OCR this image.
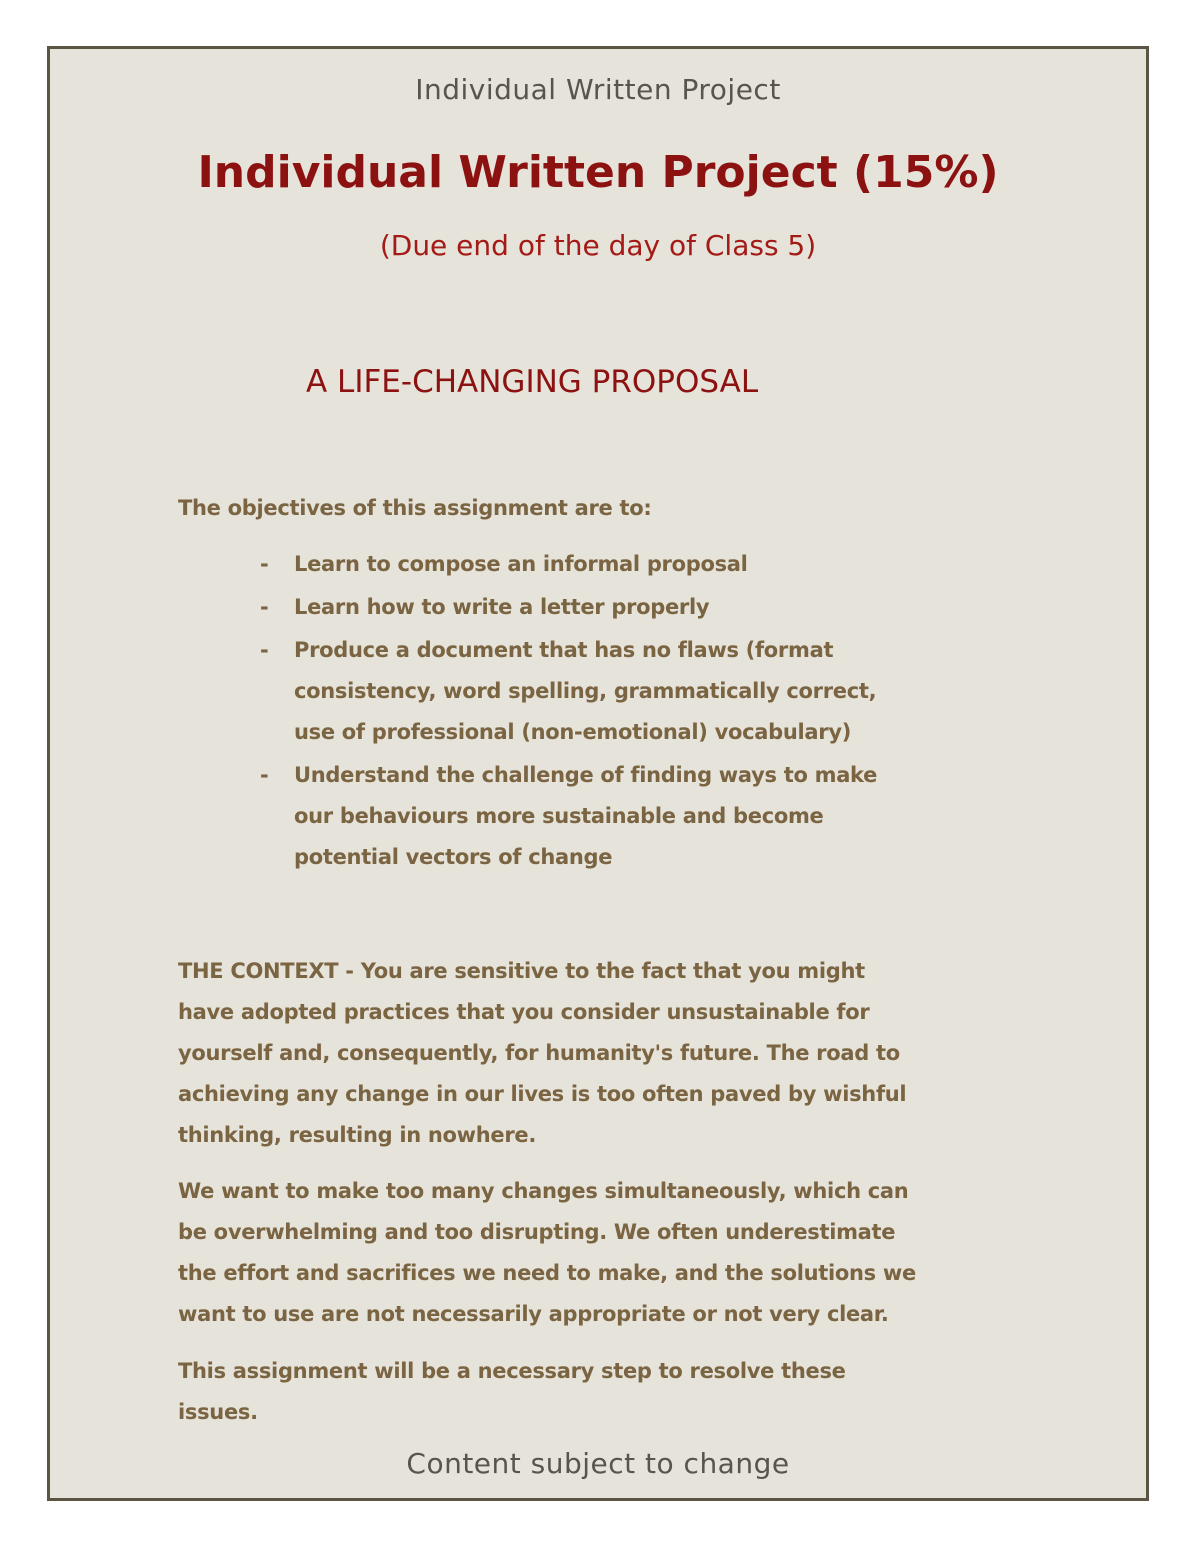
Individual Written Project
Individual Written Project (15%)
(Due end of the day of Class 5)
A LIFE-CHANGING PROPOSAL
The objectives of this assignment are to:
- Learn to compose an informal proposal
- Learn how to write a letter properly
- Produce a document that has no flaws (format consistency, word spelling, grammatically correct, use of professional (non-emotional) vocabulary)
- Understand the challenge of finding ways to make our behaviours more sustainable and become potential vectors of change

THE CONTEXT - You are sensitive to the fact that you might have adopted practices that you consider unsustainable for yourself and, consequently, for humanity's future. The road to achieving any change in our lives is too often paved by wishful thinking, resulting in nowhere.

We want to make too many changes simultaneously, which can be overwhelming and too disrupting. We often underestimate the effort and sacrifices we need to make, and the solutions we want to use are not necessarily appropriate or not very clear.

This assignment will be a necessary step to resolve these issues.

Content subject to change
